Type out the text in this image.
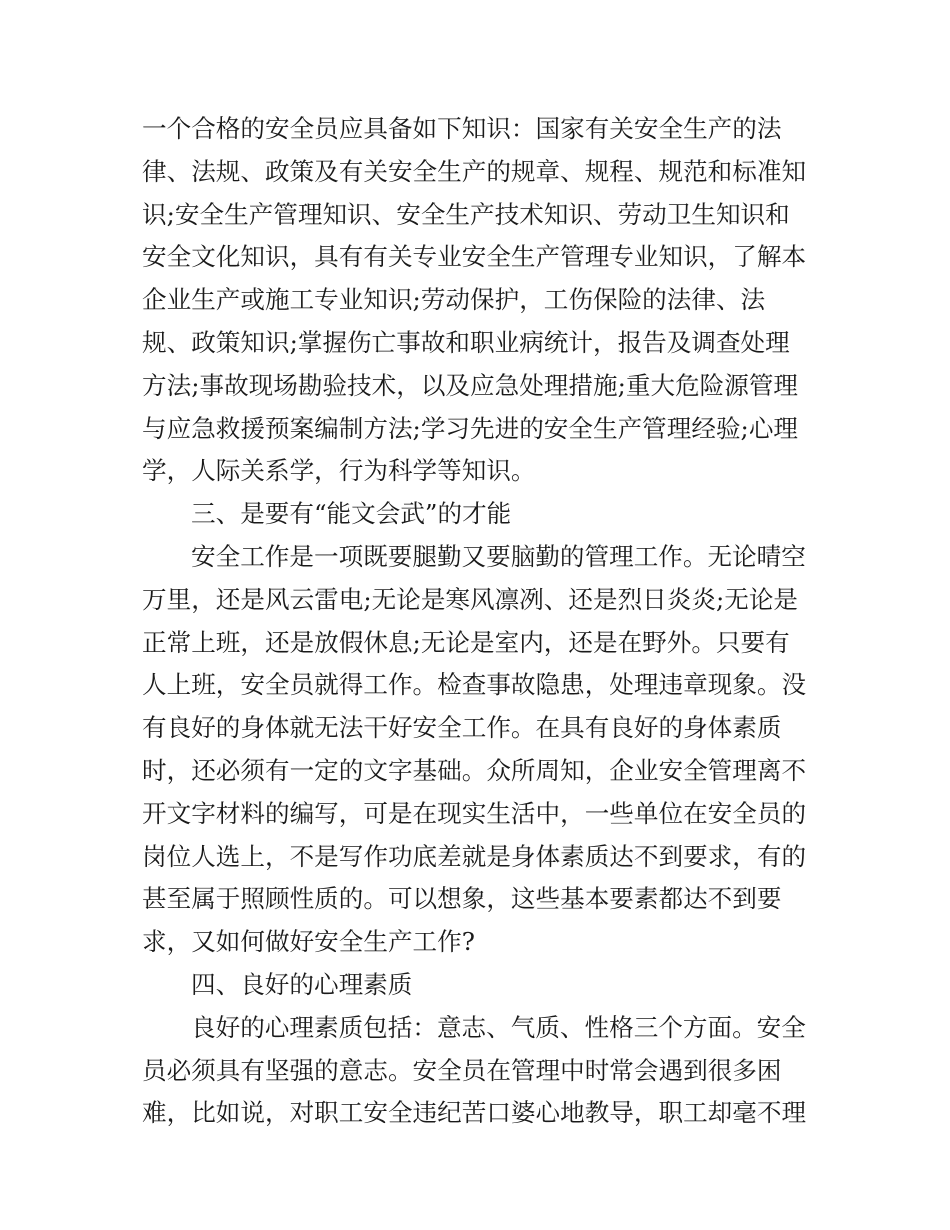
一个合格的安全员应具备如下知识：国家有关安全生产的法
律、法规、政策及有关安全生产的规章、规程、规范和标准知
识;安全生产管理知识、安全生产技术知识、劳动卫生知识和
安全文化知识，具有有关专业安全生产管理专业知识，了解本
企业生产或施工专业知识;劳动保护，工伤保险的法律、法
规、政策知识;掌握伤亡事故和职业病统计，报告及调查处理
方法;事故现场勘验技术，以及应急处理措施;重大危险源管理
与应急救援预案编制方法;学习先进的安全生产管理经验;心理
学，人际关系学，行为科学等知识。
三、是要有“能文会武”的才能
安全工作是一项既要腿勤又要脑勤的管理工作。无论晴空
万里，还是风云雷电;无论是寒风凛冽、还是烈日炎炎;无论是
正常上班，还是放假休息;无论是室内，还是在野外。只要有
人上班，安全员就得工作。检查事故隐患，处理违章现象。没
有良好的身体就无法干好安全工作。在具有良好的身体素质
时，还必须有一定的文字基础。众所周知，企业安全管理离不
开文字材料的编写，可是在现实生活中，一些单位在安全员的
岗位人选上，不是写作功底差就是身体素质达不到要求，有的
甚至属于照顾性质的。可以想象，这些基本要素都达不到要
求，又如何做好安全生产工作?
四、良好的心理素质
良好的心理素质包括：意志、气质、性格三个方面。安全
员必须具有坚强的意志。安全员在管理中时常会遇到很多困
难，比如说，对职工安全违纪苦口婆心地教导，职工却毫不理
